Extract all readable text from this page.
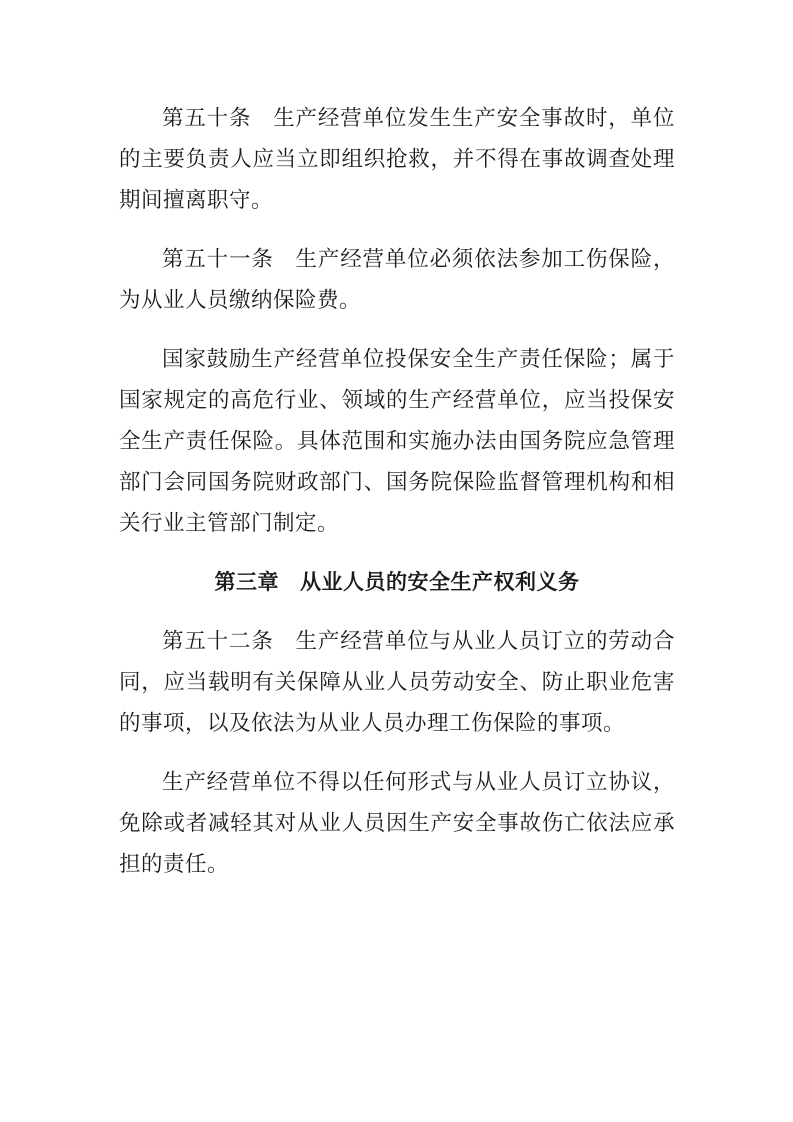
第五十条 生产经营单位发生生产安全事故时，单位的主要负责人应当立即组织抢救，并不得在事故调查处理期间擅离职守。

第五十一条 生产经营单位必须依法参加工伤保险，为从业人员缴纳保险费。

国家鼓励生产经营单位投保安全生产责任保险；属于国家规定的高危行业、领域的生产经营单位，应当投保安全生产责任保险。具体范围和实施办法由国务院应急管理部门会同国务院财政部门、国务院保险监督管理机构和相关行业主管部门制定。

第三章 从业人员的安全生产权利义务

第五十二条 生产经营单位与从业人员订立的劳动合同，应当载明有关保障从业人员劳动安全、防止职业危害的事项，以及依法为从业人员办理工伤保险的事项。

生产经营单位不得以任何形式与从业人员订立协议，免除或者减轻其对从业人员因生产安全事故伤亡依法应承担的责任。
